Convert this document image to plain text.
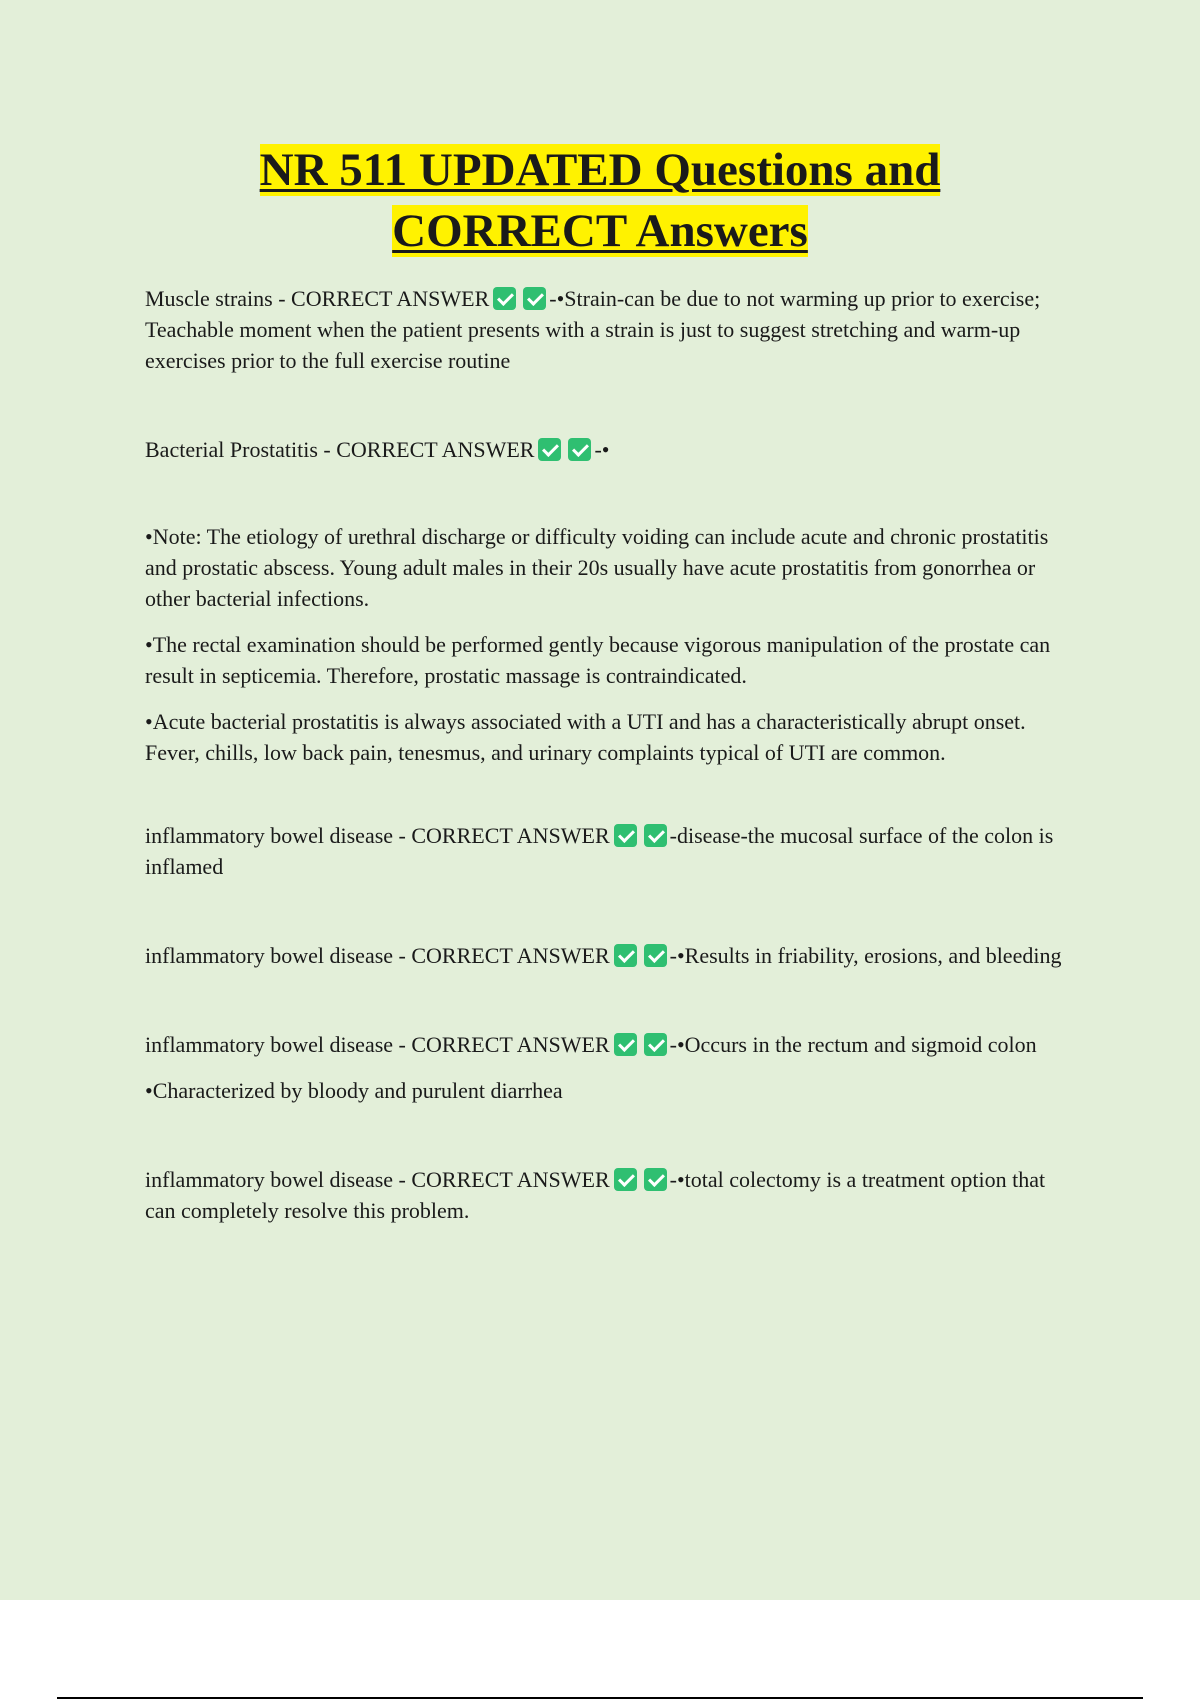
NR 511 UPDATED Questions and
CORRECT Answers
Muscle strains - CORRECT ANSWER	-•Strain-can be due to not warming up prior to exercise; Teachable moment when the patient presents with a strain is just to suggest stretching and warm-up exercises prior to the full exercise routine
Bacterial Prostatitis - CORRECT ANSWER	-•
•Note: The etiology of urethral discharge or difficulty voiding can include acute and chronic prostatitis and prostatic abscess. Young adult males in their 20s usually have acute prostatitis from gonorrhea or other bacterial infections.
•The rectal examination should be performed gently because vigorous manipulation of the prostate can result in septicemia. Therefore, prostatic massage is contraindicated.
•Acute bacterial prostatitis is always associated with a UTI and has a characteristically abrupt onset. Fever, chills, low back pain, tenesmus, and urinary complaints typical of UTI are common.
inflammatory bowel disease - CORRECT ANSWER	-disease-the mucosal surface of the colon is inflamed
inflammatory bowel disease - CORRECT ANSWER	-•Results in friability, erosions, and bleeding
inflammatory bowel disease - CORRECT ANSWER	-•Occurs in the rectum and sigmoid colon
•Characterized by bloody and purulent diarrhea
inflammatory bowel disease - CORRECT ANSWER	-•total colectomy is a treatment option that can completely resolve this problem.
